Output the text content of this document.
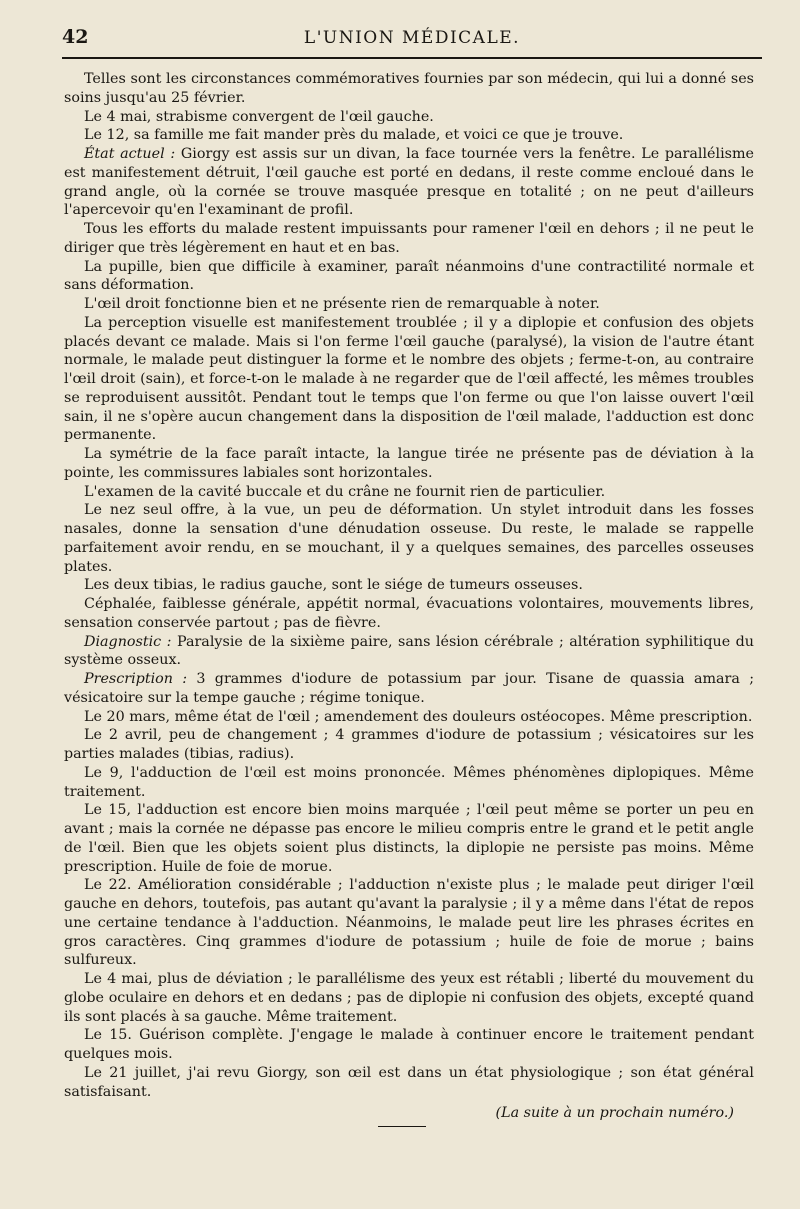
42	L'UNION MÉDICALE.

Telles sont les circonstances commémoratives fournies par son médecin, qui lui a donné ses soins jusqu'au 25 février.

Le 4 mai, strabisme convergent de l'œil gauche.

Le 12, sa famille me fait mander près du malade, et voici ce que je trouve.

État actuel : Giorgy est assis sur un divan, la face tournée vers la fenêtre. Le parallélisme est manifestement détruit, l'œil gauche est porté en dedans, il reste comme encloué dans le grand angle, où la cornée se trouve masquée presque en totalité ; on ne peut d'ailleurs l'apercevoir qu'en l'examinant de profil.

Tous les efforts du malade restent impuissants pour ramener l'œil en dehors ; il ne peut le diriger que très légèrement en haut et en bas.

La pupille, bien que difficile à examiner, paraît néanmoins d'une contractilité normale et sans déformation.

L'œil droit fonctionne bien et ne présente rien de remarquable à noter.

La perception visuelle est manifestement troublée ; il y a diplopie et confusion des objets placés devant ce malade. Mais si l'on ferme l'œil gauche (paralysé), la vision de l'autre étant normale, le malade peut distinguer la forme et le nombre des objets ; ferme-t-on, au contraire l'œil droit (sain), et force-t-on le malade à ne regarder que de l'œil affecté, les mêmes troubles se reproduisent aussitôt. Pendant tout le temps que l'on ferme ou que l'on laisse ouvert l'œil sain, il ne s'opère aucun changement dans la disposition de l'œil malade, l'adduction est donc permanente.

La symétrie de la face paraît intacte, la langue tirée ne présente pas de déviation à la pointe, les commissures labiales sont horizontales.

L'examen de la cavité buccale et du crâne ne fournit rien de particulier.

Le nez seul offre, à la vue, un peu de déformation. Un stylet introduit dans les fosses nasales, donne la sensation d'une dénudation osseuse. Du reste, le malade se rappelle parfaitement avoir rendu, en se mouchant, il y a quelques semaines, des parcelles osseuses plates.

Les deux tibias, le radius gauche, sont le siége de tumeurs osseuses.

Céphalée, faiblesse générale, appétit normal, évacuations volontaires, mouvements libres, sensation conservée partout ; pas de fièvre.

Diagnostic : Paralysie de la sixième paire, sans lésion cérébrale ; altération syphilitique du système osseux.

Prescription : 3 grammes d'iodure de potassium par jour. Tisane de quassia amara ; vésicatoire sur la tempe gauche ; régime tonique.

Le 20 mars, même état de l'œil ; amendement des douleurs ostéocopes. Même prescription.

Le 2 avril, peu de changement ; 4 grammes d'iodure de potassium ; vésicatoires sur les parties malades (tibias, radius).

Le 9, l'adduction de l'œil est moins prononcée. Mêmes phénomènes diplopiques. Même traitement.

Le 15, l'adduction est encore bien moins marquée ; l'œil peut même se porter un peu en avant ; mais la cornée ne dépasse pas encore le milieu compris entre le grand et le petit angle de l'œil. Bien que les objets soient plus distincts, la diplopie ne persiste pas moins. Même prescription. Huile de foie de morue.

Le 22. Amélioration considérable ; l'adduction n'existe plus ; le malade peut diriger l'œil gauche en dehors, toutefois, pas autant qu'avant la paralysie ; il y a même dans l'état de repos une certaine tendance à l'adduction. Néanmoins, le malade peut lire les phrases écrites en gros caractères. Cinq grammes d'iodure de potassium ; huile de foie de morue ; bains sulfureux.

Le 4 mai, plus de déviation ; le parallélisme des yeux est rétabli ; liberté du mouvement du globe oculaire en dehors et en dedans ; pas de diplopie ni confusion des objets, excepté quand ils sont placés à sa gauche. Même traitement.

Le 15. Guérison complète. J'engage le malade à continuer encore le traitement pendant quelques mois.

Le 21 juillet, j'ai revu Giorgy, son œil est dans un état physiologique ; son état général satisfaisant.

(La suite à un prochain numéro.)
